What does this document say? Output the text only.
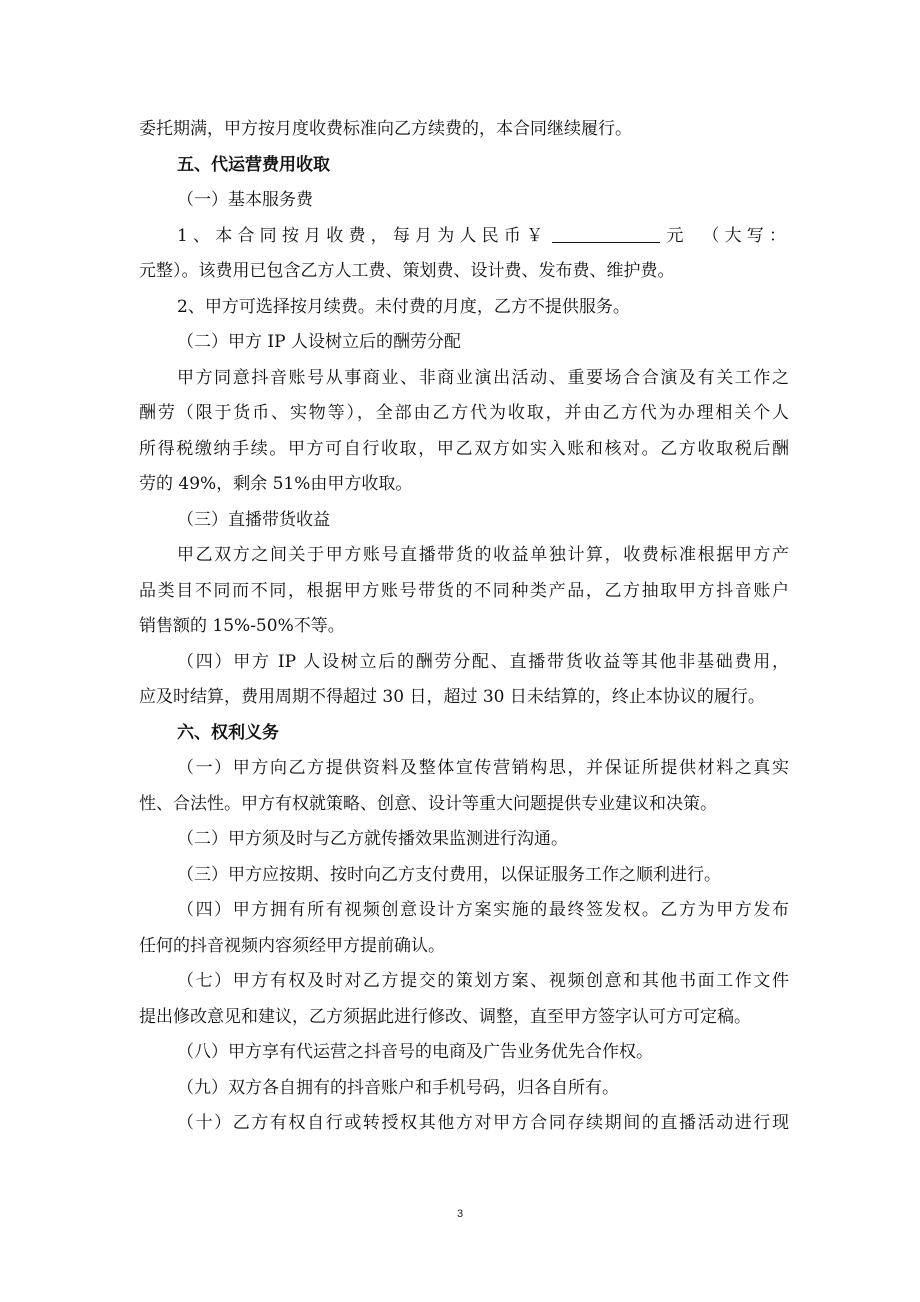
委托期满，甲方按月度收费标准向乙方续费的，本合同继续履行。
五、代运营费用收取
（一）基本服务费
1、本合同按月收费，每月为人民币￥	元　（大写：
元整）。该费用已包含乙方人工费、策划费、设计费、发布费、维护费。
2、甲方可选择按月续费。未付费的月度，乙方不提供服务。
（二）甲方 IP 人设树立后的酬劳分配
甲方同意抖音账号从事商业、非商业演出活动、重要场合合演及有关工作之
酬劳（限于货币、实物等），全部由乙方代为收取，并由乙方代为办理相关个人
所得税缴纳手续。甲方可自行收取，甲乙双方如实入账和核对。乙方收取税后酬
劳的 49%，剩余 51%由甲方收取。
（三）直播带货收益
甲乙双方之间关于甲方账号直播带货的收益单独计算，收费标准根据甲方产
品类目不同而不同，根据甲方账号带货的不同种类产品，乙方抽取甲方抖音账户
销售额的 15%-50%不等。
（四）甲方 IP 人设树立后的酬劳分配、直播带货收益等其他非基础费用，
应及时结算，费用周期不得超过 30 日，超过 30 日未结算的，终止本协议的履行。
六、权利义务
（一）甲方向乙方提供资料及整体宣传营销构思，并保证所提供材料之真实
性、合法性。甲方有权就策略、创意、设计等重大问题提供专业建议和决策。
（二）甲方须及时与乙方就传播效果监测进行沟通。
（三）甲方应按期、按时向乙方支付费用，以保证服务工作之顺利进行。
（四）甲方拥有所有视频创意设计方案实施的最终签发权。乙方为甲方发布
任何的抖音视频内容须经甲方提前确认。
（七）甲方有权及时对乙方提交的策划方案、视频创意和其他书面工作文件
提出修改意见和建议，乙方须据此进行修改、调整，直至甲方签字认可方可定稿。
（八）甲方享有代运营之抖音号的电商及广告业务优先合作权。
（九）双方各自拥有的抖音账户和手机号码，归各自所有。
（十）乙方有权自行或转授权其他方对甲方合同存续期间的直播活动进行现
3
